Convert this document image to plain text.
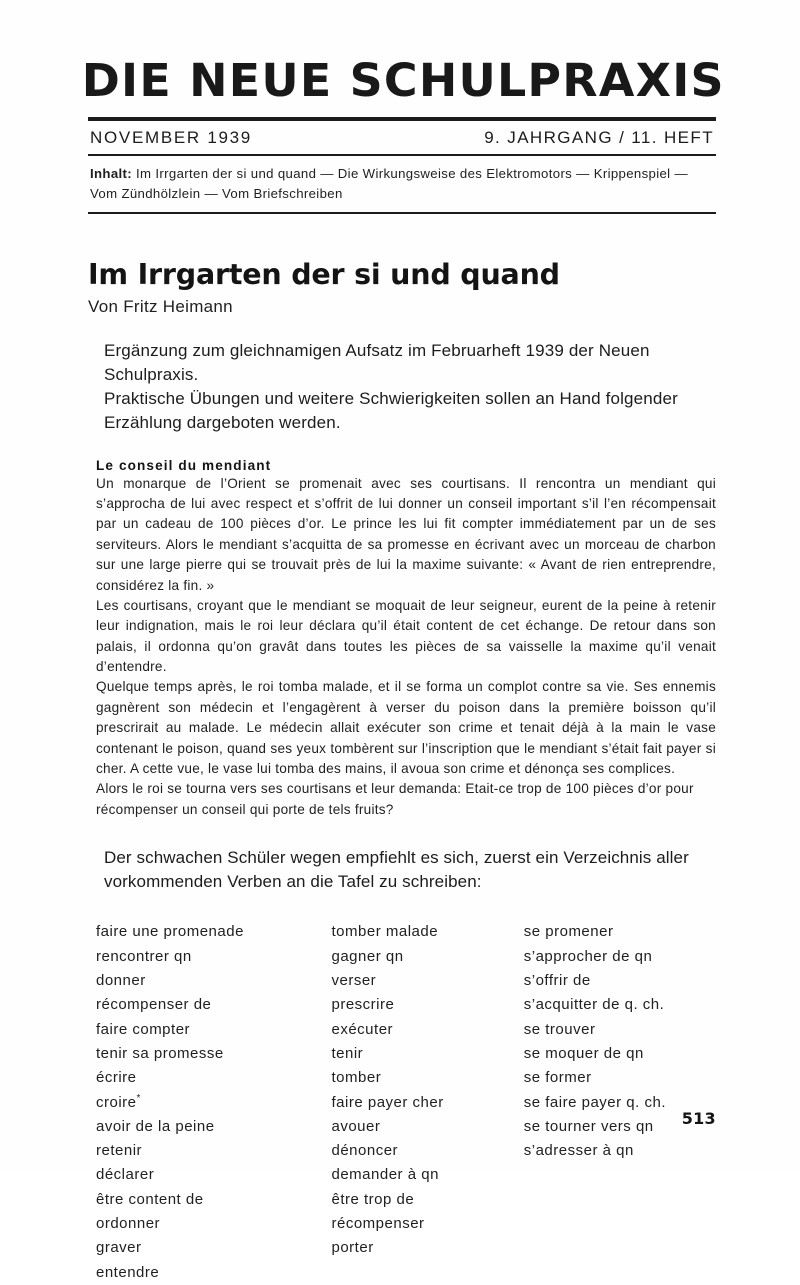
DIE NEUE SCHULPRAXIS
NOVEMBER 1939	9. JAHRGANG / 11. HEFT
Inhalt: Im Irrgarten der si und quand — Die Wirkungsweise des Elektromotors — Krippenspiel — Vom Zündhölzlein — Vom Briefschreiben
Im Irrgarten der si und quand

Von Fritz Heimann

Ergänzung zum gleichnamigen Aufsatz im Februarheft 1939 der Neuen Schulpraxis.

Praktische Übungen und weitere Schwierigkeiten sollen an Hand folgender Erzählung dargeboten werden.

Le conseil du mendiant

Un monarque de l’Orient se promenait avec ses courtisans. Il rencontra un mendiant qui s’approcha de lui avec respect et s’offrit de lui donner un conseil important s’il l’en récompensait par un cadeau de 100 pièces d’or. Le prince les lui fit compter immédiatement par un de ses serviteurs. Alors le mendiant s’acquitta de sa promesse en écrivant avec un morceau de charbon sur une large pierre qui se trouvait près de lui la maxime suivante: « Avant de rien entreprendre, considérez la fin. »

Les courtisans, croyant que le mendiant se moquait de leur seigneur, eurent de la peine à retenir leur indignation, mais le roi leur déclara qu’il était content de cet échange. De retour dans son palais, il ordonna qu’on gravât dans toutes les pièces de sa vaisselle la maxime qu’il venait d’entendre.

Quelque temps après, le roi tomba malade, et il se forma un complot contre sa vie. Ses ennemis gagnèrent son médecin et l’engagèrent à verser du poison dans la première boisson qu’il prescrirait au malade. Le médecin allait exécuter son crime et tenait déjà à la main le vase contenant le poison, quand ses yeux tombèrent sur l’inscription que le mendiant s’était fait payer si cher. A cette vue, le vase lui tomba des mains, il avoua son crime et dénonça ses complices.

Alors le roi se tourna vers ses courtisans et leur demanda: Etait-ce trop de 100 pièces d’or pour récompenser un conseil qui porte de tels fruits?

Der schwachen Schüler wegen empfiehlt es sich, zuerst ein Verzeichnis aller vorkommenden Verben an die Tafel zu schreiben:

faire une promenade
rencontrer qn
donner
récompenser de
faire compter
tenir sa promesse
écrire
croire*
avoir de la peine
retenir
déclarer
être content de
ordonner
graver
entendre
tomber malade
gagner qn
verser
prescrire
exécuter
tenir
tomber
faire payer cher
avouer
dénoncer
demander à qn
être trop de
récompenser
porter
se promener
s’approcher de qn
s’offrir de
s’acquitter de q. ch.
se trouver
se moquer de qn
se former
se faire payer q. ch.
se tourner vers qn
s’adresser à qn
513
